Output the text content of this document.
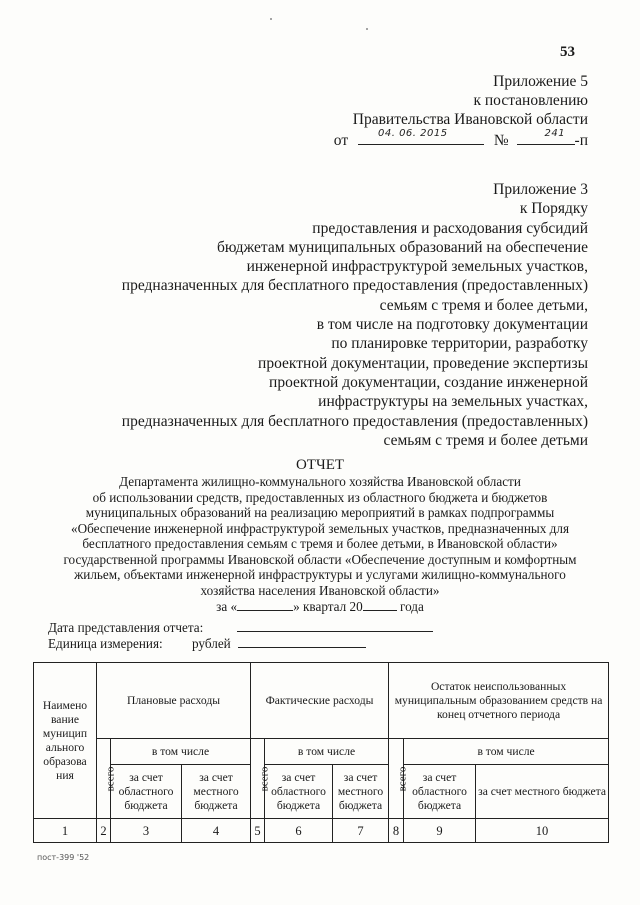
53
Приложение 5
к постановлению
Правительства Ивановской области
от	04. 06. 2015	№	241 -п
Приложение 3
к Порядку
предоставления и расходования субсидий
бюджетам муниципальных образований на обеспечение
инженерной инфраструктурой земельных участков,
предназначенных для бесплатного предоставления (предоставленных)
семьям с тремя и более детьми,
в том числе на подготовку документации
по планировке территории, разработку
проектной документации, проведение экспертизы
проектной документации, создание инженерной
инфраструктуры на земельных участках,
предназначенных для бесплатного предоставления (предоставленных)
семьям с тремя и более детьми
ОТЧЕТ
Департамента жилищно-коммунального хозяйства Ивановской области
об использовании средств, предоставленных из областного бюджета и бюджетов
муниципальных образований на реализацию мероприятий в рамках подпрограммы
«Обеспечение инженерной инфраструктурой земельных участков, предназначенных для
бесплатного предоставления семьям с тремя и более детьми, в Ивановской области»
государственной программы Ивановской области «Обеспечение доступным и комфортным
жильем, объектами инженерной инфраструктуры и услугами жилищно-коммунального
хозяйства населения Ивановской области»
за «	» квартал 20	года
Дата представления отчета:
Единица измерения: рублей
Наимено вание муницип ального образова ния	Плановые расходы			Фактические расходы			Остаток неиспользованных муниципальным образованием средств на конец отчетного периода		
	всего	в том числе		всего	в том числе		всего	в том числе	
		за счет областного бюджета	за счет местного бюджета		за счет областного бюджета	за счет местного бюджета		за счет областного бюджета	за счет местного бюджета
1	2	3	4	5	6	7	8	9	10
пост-399 '52
